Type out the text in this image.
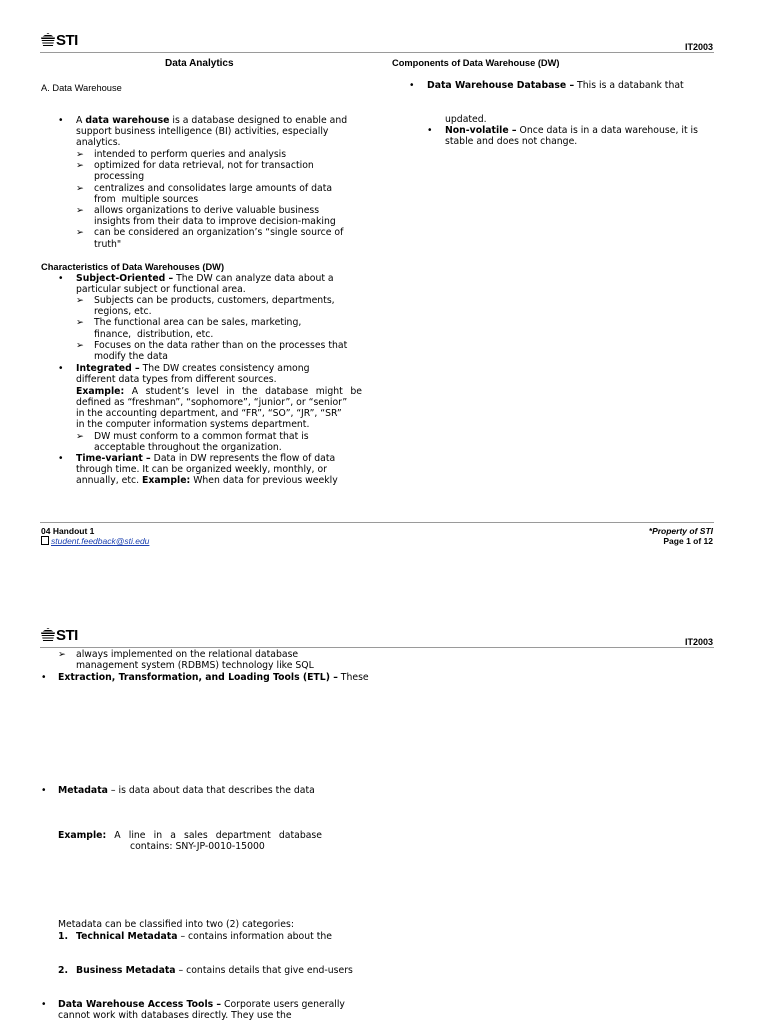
STI	IT2003
Data Analytics
A. Data Warehouse
• A data warehouse is a database designed to enable and
support business intelligence (BI) activities, especially
analytics.
➢ intended to perform queries and analysis
➢ optimized for data retrieval, not for transaction
processing
➢ centralizes and consolidates large amounts of data
from  multiple sources
➢ allows organizations to derive valuable business
insights from their data to improve decision-making
➢ can be considered an organization’s “single source of
truth"
Characteristics of Data Warehouses (DW)
• Subject-Oriented – The DW can analyze data about a
particular subject or functional area.
➢ Subjects can be products, customers, departments,
regions, etc.
➢ The functional area can be sales, marketing,
finance,  distribution, etc.
➢ Focuses on the data rather than on the processes that
modify the data
• Integrated – The DW creates consistency among
different data types from different sources.
Example: A student’s level in the database might be
defined as “freshman”, “sophomore”, “junior”, or “senior”
in the accounting department, and “FR”, “SO”, “JR”, “SR”
in the computer information systems department.
➢ DW must conform to a common format that is
acceptable throughout the organization.
• Time-variant – Data in DW represents the flow of data
through time. It can be organized weekly, monthly, or
annually, etc. Example: When data for previous weekly
Components of Data Warehouse (DW)
• Data Warehouse Database – This is a databank that
updated.
• Non-volatile – Once data is in a data warehouse, it is
stable and does not change.
04 Handout 1
student.feedback@sti.edu
*Property of STI
Page 1 of 12
STI	IT2003
➢ always implemented on the relational database
management system (RDBMS) technology like SQL
• Extraction, Transformation, and Loading Tools (ETL) – These
• Metadata – is data about data that describes the data
Example: A line in a sales department database
contains: SNY-JP-0010-15000
Metadata can be classified into two (2) categories:
1. Technical Metadata – contains information about the
2. Business Metadata – contains details that give end-users
• Data Warehouse Access Tools – Corporate users generally
cannot work with databases directly. They use the
